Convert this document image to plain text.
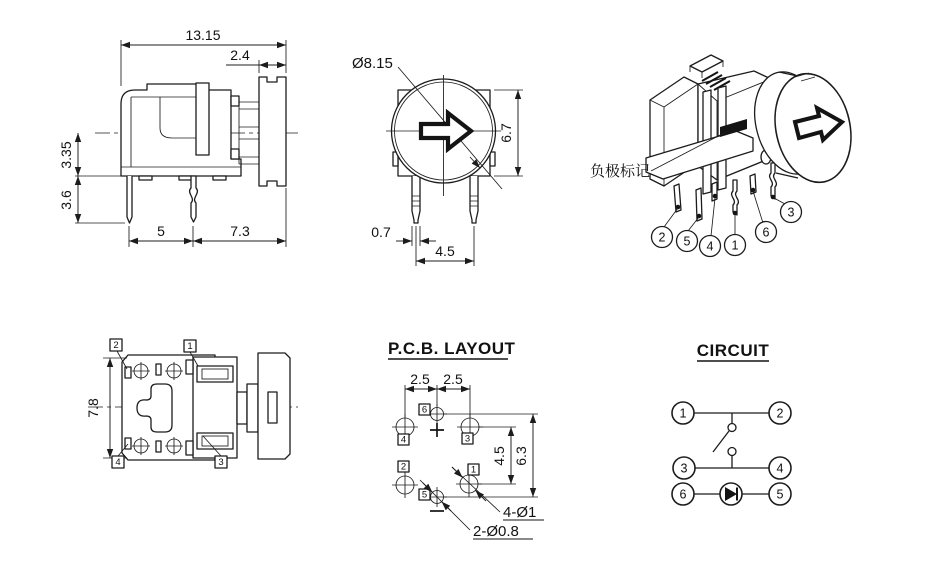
13.15
2.4
3.35
3.6
5	7.3
Ø8.15
6.7
0.7
4.5
2 5 4 1
6
3
负极标记
7.8
2	1
4	3
P.C.B. LAYOUT
6
4	3
2	1
5
2.5 2.5
4.5 6.3
4-Ø1
2-Ø0.8
CIRCUIT
1	2
3	4
6	5
